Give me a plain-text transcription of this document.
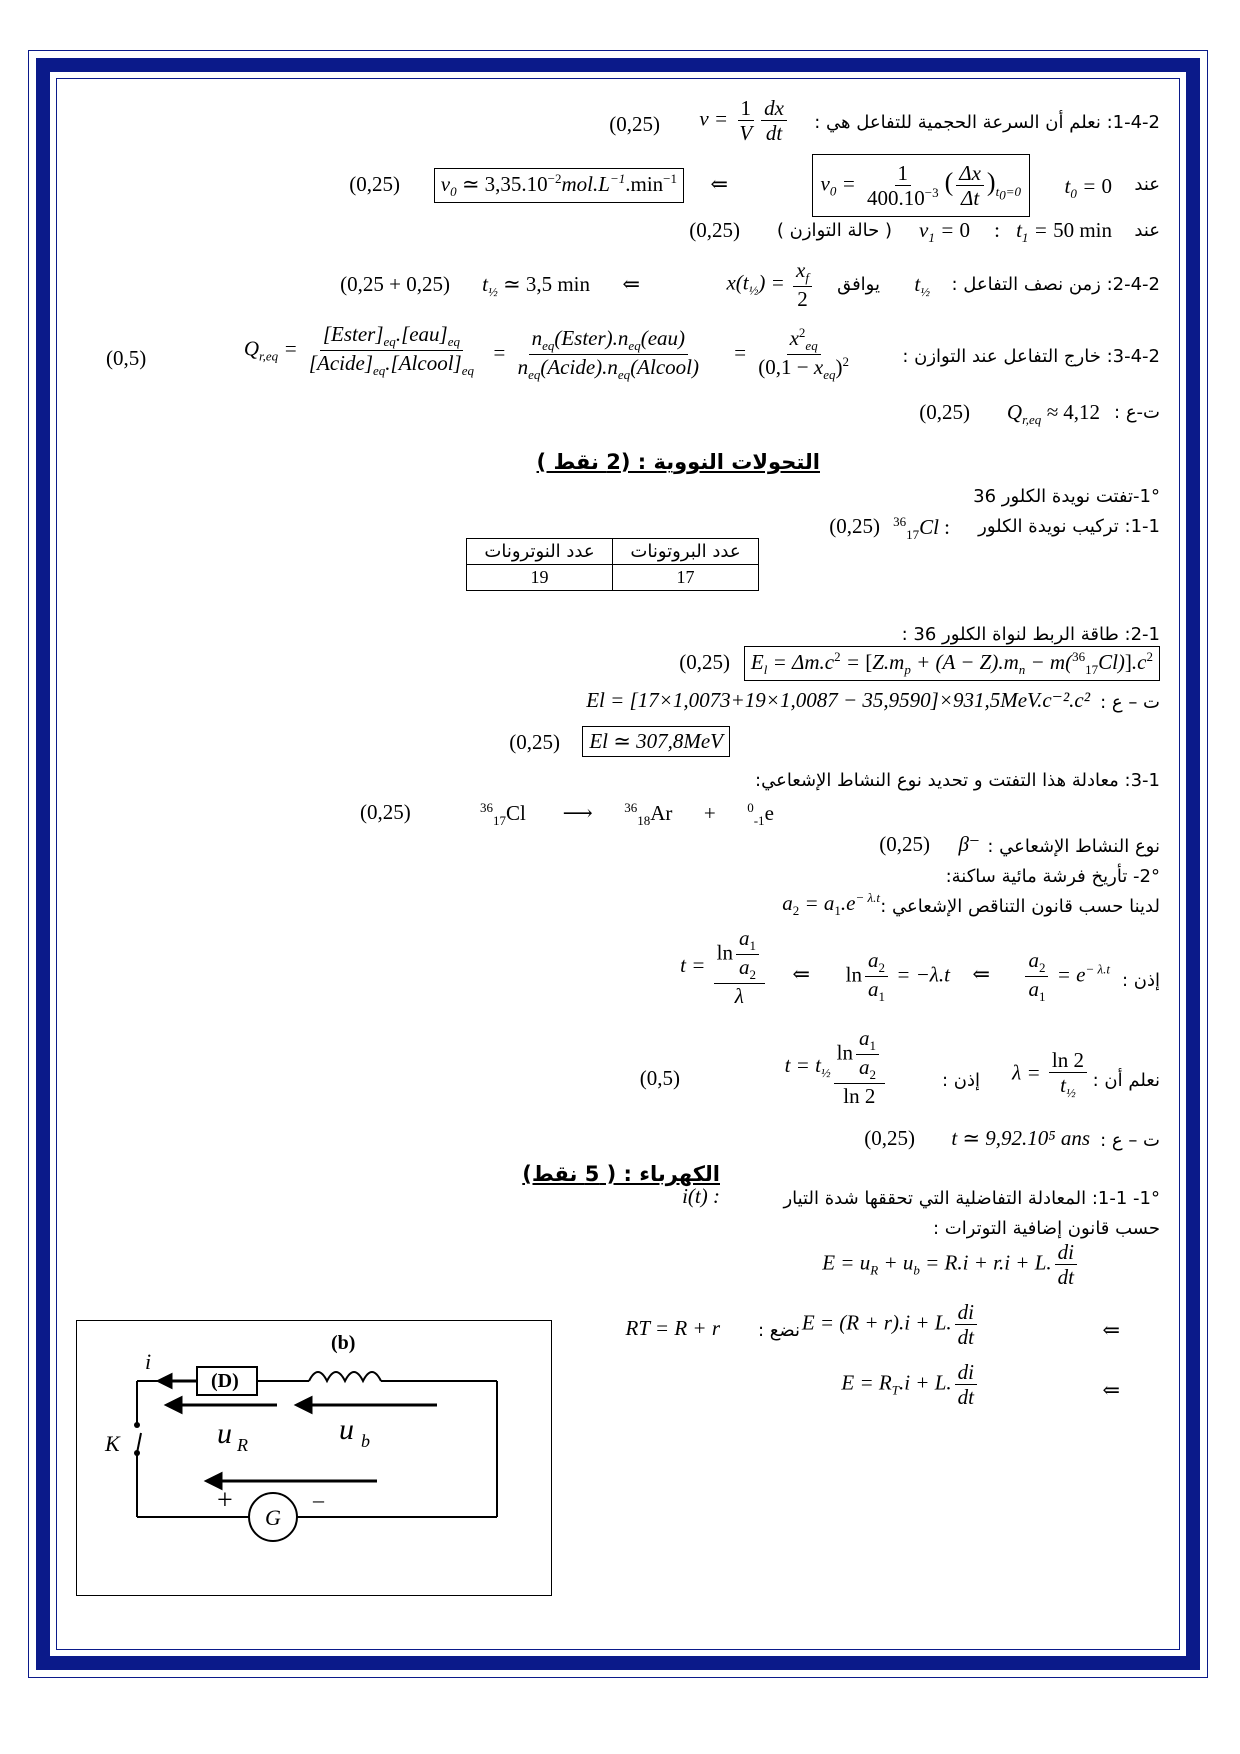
1-4-2: نعلم أن السرعة الحجمية للتفاعل هي :
$v = \frac{1}{V} \frac{dx}{dt}$
(0,25)
عند
$t_0 = 0$
$v_0 = \frac{1}{400.10^{-3}}$ ( $\frac{\Delta x}{\Delta t} )_{t_0=0}$
⇐
$v_0$ ≃ $3,35.10^{-2}mol.L^{-1}.\min^{-1}$
(0,25)
عند
$t_1 = 50$ min
:
$v_1 = 0$
( حالة التوازن )
(0,25)
2-4-2: زمن نصف التفاعل :
$t_{\frac{1}{2}}$
يوافق
$x(t_{\frac{1}{2}}) = \frac{x_f}{2}$
⇐
$t_{\frac{1}{2}}$ ≃ 3,5 min
(0,25 + 0,25)
3-4-2: خارج التفاعل عند التوازن :
= $\frac{x^2_{eq}}{(0,1 - x_{eq})^2}$
= $\frac{n_{eq}(Ester).n_{eq}(eau)}{n_{eq}(Acide).n_{eq}(Alcool)}$
$Q_{r,eq} = \frac{[Ester]_{eq}.[eau]_{eq}}{[Acide]_{eq}.[Alcool]_{eq}}$
(0,5)
ت-ع :
$Q_{r,eq} \approx 4,12$
(0,25)
التحولات النووية : (2 نقط )
1°-تفتت نويدة الكلور 36
1-1: تركيب نويدة الكلور
$^{36}_{17}$Cl :
(0,25)
عدد البروتونات	عدد النوترونات
17	19
2-1: طاقة الربط لنواة الكلور 36 :
$E_l = \Delta m.c^2 = [Z.m_p + (A - Z).m_n - m(^{36}_{17}Cl)].c^2$
(0,25)
ت – ع :
El = [17×1,0073+19×1,0087 − 35,9590]×931,5MeV.c⁻².c²
El ≃ 307,8MeV
(0,25)
3-1: معادلة هذا التفتت و تحديد نوع النشاط الإشعاعي:
(0,25)	$^{36}_{17}$Cl       ⟶      $^{36}_{18}$Ar      +      $^0_{-1}$e
نوع النشاط الإشعاعي :
β⁻
(0,25)
2°- تأريخ فرشة مائية ساكنة:
لدينا حسب قانون التناقص الإشعاعي :
$a_2 = a_1.e^{- \lambda.t}$
إذن :
$\frac{a_2}{a_1} = e^{- \lambda.t}$
⇐
$\ln \frac{a_2}{a_1} = -\lambda.t$
⇐
$t = \frac{\ln \frac{a_1}{a_2}}{\lambda}$
نعلم أن :
$\lambda = \frac{\ln 2}{t_{\frac{1}{2}}}$
إذن :
$t = t_{\frac{1}{2}} \frac{\ln \frac{a_1}{a_2}}{\ln 2}$
(0,5)
ت – ع :
t ≃ 9,92.10⁵ ans
(0,25)
الكهرباء : ( 5 نقط)
1°- 1-1: المعادلة التفاضلية التي تحققها شدة التيار
i(t) :
حسب قانون إضافية التوترات :
$E = u_R + u_b = R.i + r.i + L$. $\frac{di}{dt}$
⇐
E = (R + r).i + L. $\frac{di}{dt}$
نضع :
RT = R + r
⇐
$E = R_T.i + L$. $\frac{di}{dt}$
i
(D)
(b)
u R	u b
K
G
+	–
